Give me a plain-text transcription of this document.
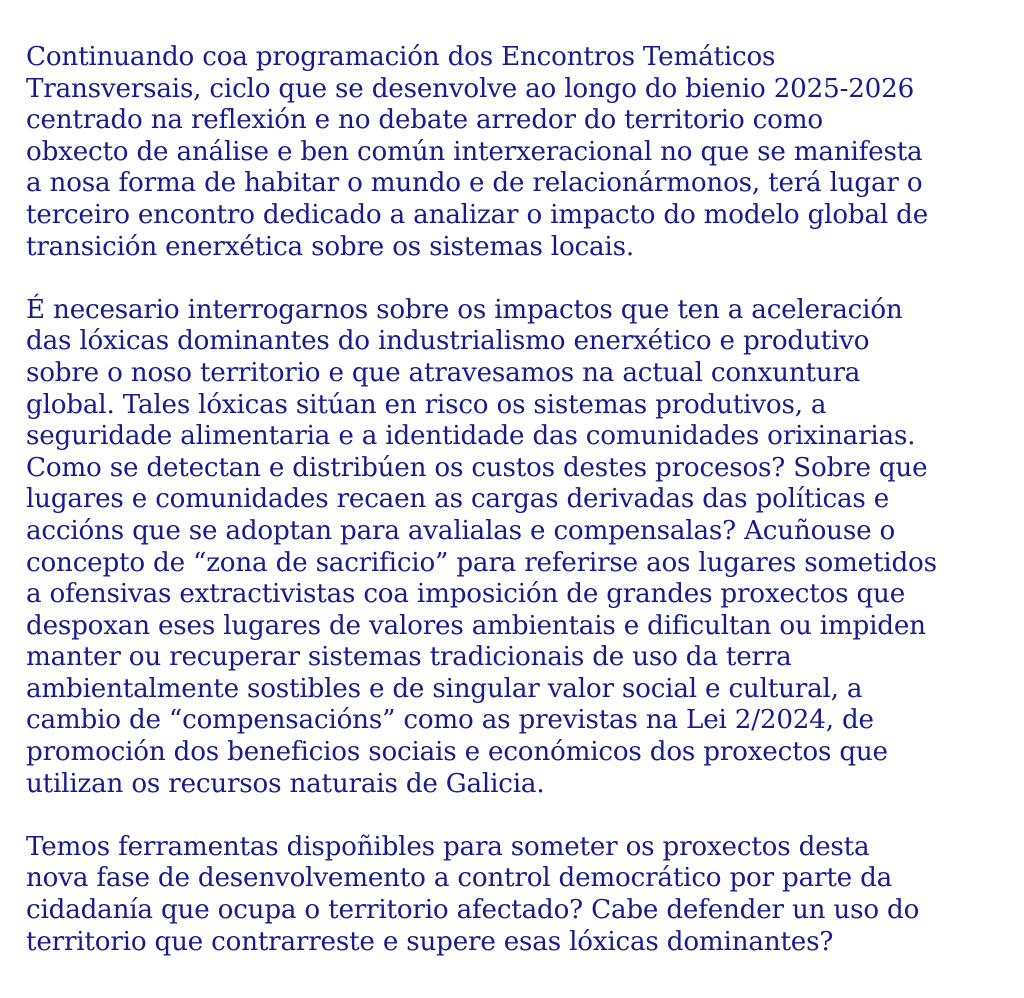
Continuando coa programación dos Encontros Temáticos
Transversais, ciclo que se desenvolve ao longo do bienio 2025-2026
centrado na reflexión e no debate arredor do territorio como
obxecto de análise e ben común interxeracional no que se manifesta
a nosa forma de habitar o mundo e de relacionármonos, terá lugar o
terceiro encontro dedicado a analizar o impacto do modelo global de
transición enerxética sobre os sistemas locais.
É necesario interrogarnos sobre os impactos que ten a aceleración
das lóxicas dominantes do industrialismo enerxético e produtivo
sobre o noso territorio e que atravesamos na actual conxuntura
global. Tales lóxicas sitúan en risco os sistemas produtivos, a
seguridade alimentaria e a identidade das comunidades orixinarias.
Como se detectan e distribúen os custos destes procesos? Sobre que
lugares e comunidades recaen as cargas derivadas das políticas e
accións que se adoptan para avalialas e compensalas? Acuñouse o
concepto de “zona de sacrificio” para referirse aos lugares sometidos
a ofensivas extractivistas coa imposición de grandes proxectos que
despoxan eses lugares de valores ambientais e dificultan ou impiden
manter ou recuperar sistemas tradicionais de uso da terra
ambientalmente sostibles e de singular valor social e cultural, a
cambio de “compensacións” como as previstas na Lei 2/2024, de
promoción dos beneficios sociais e económicos dos proxectos que
utilizan os recursos naturais de Galicia.
Temos ferramentas dispoñibles para someter os proxectos desta
nova fase de desenvolvemento a control democrático por parte da
cidadanía que ocupa o territorio afectado? Cabe defender un uso do
territorio que contrarreste e supere esas lóxicas dominantes?
